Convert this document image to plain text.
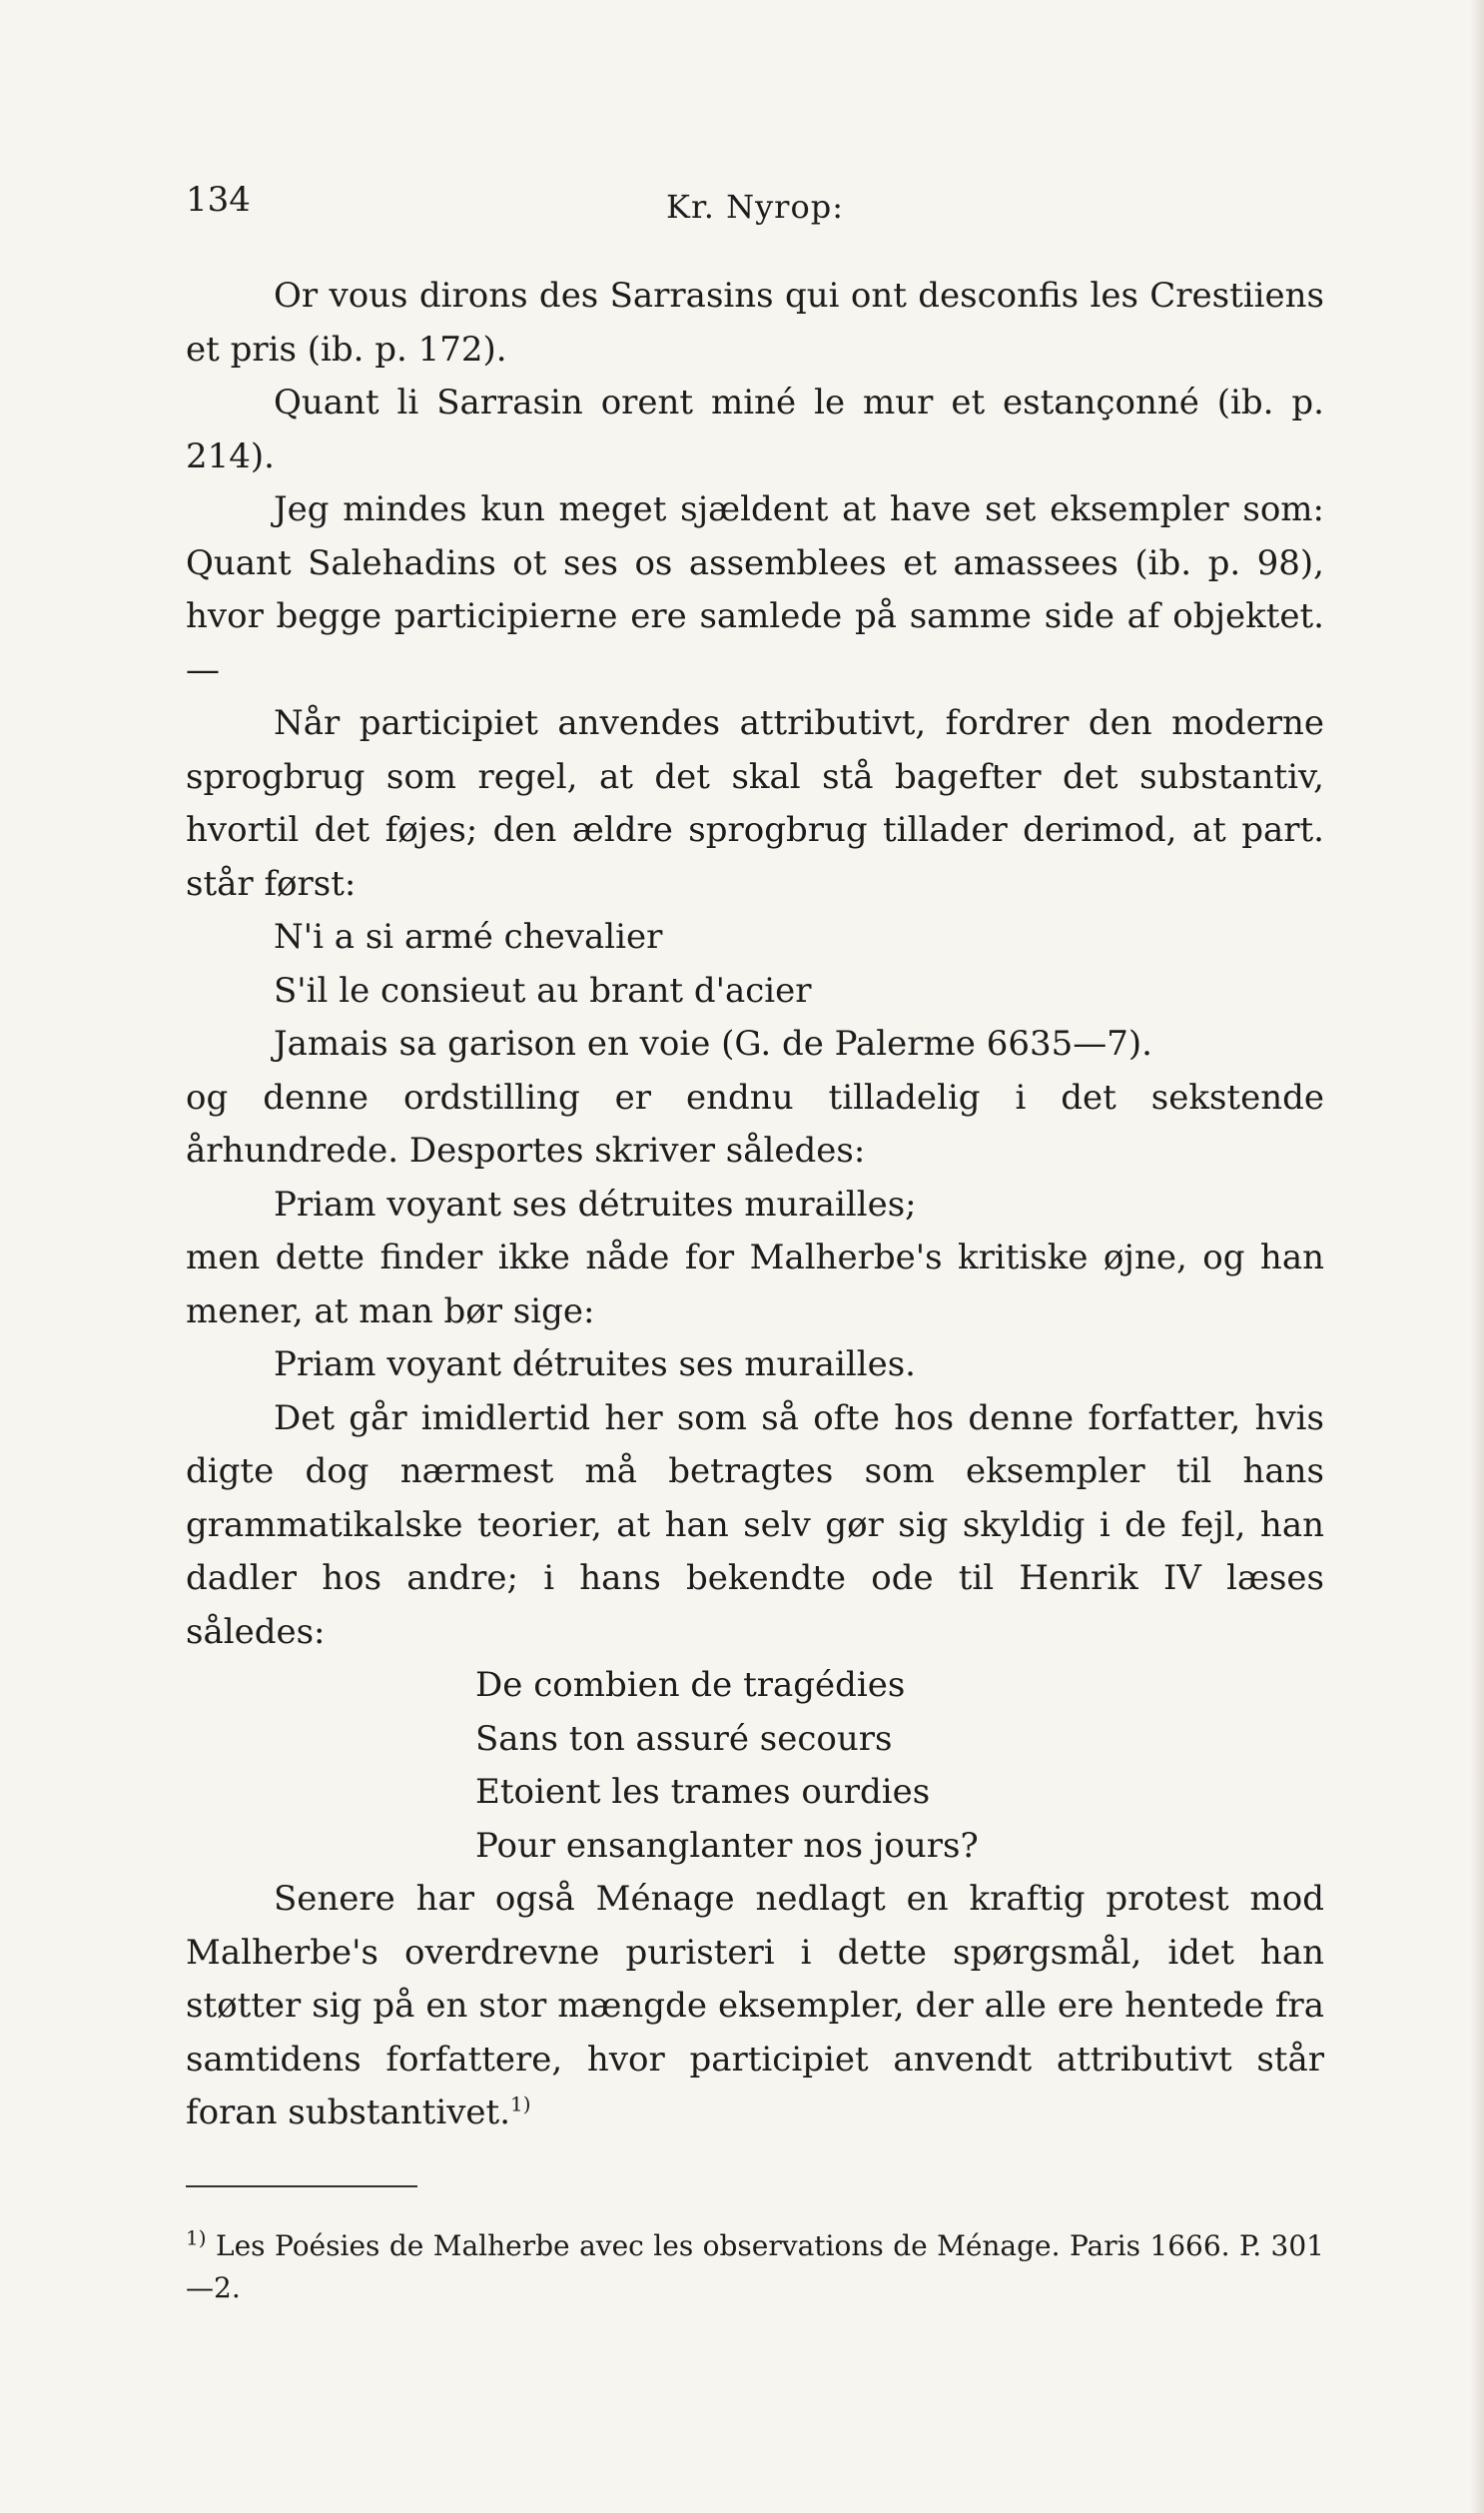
134	Kr. Nyrop:

Or vous dirons des Sarrasins qui ont desconfis les Crestiiens et pris (ib. p. 172).

Quant li Sarrasin orent miné le mur et estançonné (ib. p. 214).

Jeg mindes kun meget sjældent at have set eksempler som: Quant Salehadins ot ses os assemblees et amassees (ib. p. 98), hvor begge participierne ere samlede på samme side af objektet. —

Når participiet anvendes attributivt, fordrer den moderne sprogbrug som regel, at det skal stå bagefter det substantiv, hvortil det føjes; den ældre sprogbrug tillader derimod, at part. står først:

N'i a si armé chevalier

S'il le consieut au brant d'acier

Jamais sa garison en voie (G. de Palerme 6635—7).

og denne ordstilling er endnu tilladelig i det sekstende århundrede. Desportes skriver således:

Priam voyant ses détruites murailles;

men dette finder ikke nåde for Malherbe's kritiske øjne, og han mener, at man bør sige:

Priam voyant détruites ses murailles.

Det går imidlertid her som så ofte hos denne forfatter, hvis digte dog nærmest må betragtes som eksempler til hans grammatikalske teorier, at han selv gør sig skyldig i de fejl, han dadler hos andre; i hans bekendte ode til Henrik IV læses således:

De combien de tragédies

Sans ton assuré secours

Etoient les trames ourdies

Pour ensanglanter nos jours?

Senere har også Ménage nedlagt en kraftig protest mod Malherbe's overdrevne puristeri i dette spørgsmål, idet han støtter sig på en stor mængde eksempler, der alle ere hentede fra samtidens forfattere, hvor participiet anvendt attributivt står foran substantivet.$^{1)}$

$^{1)}$ Les Poésies de Malherbe avec les observations de Ménage. Paris 1666. P. 301—2.
